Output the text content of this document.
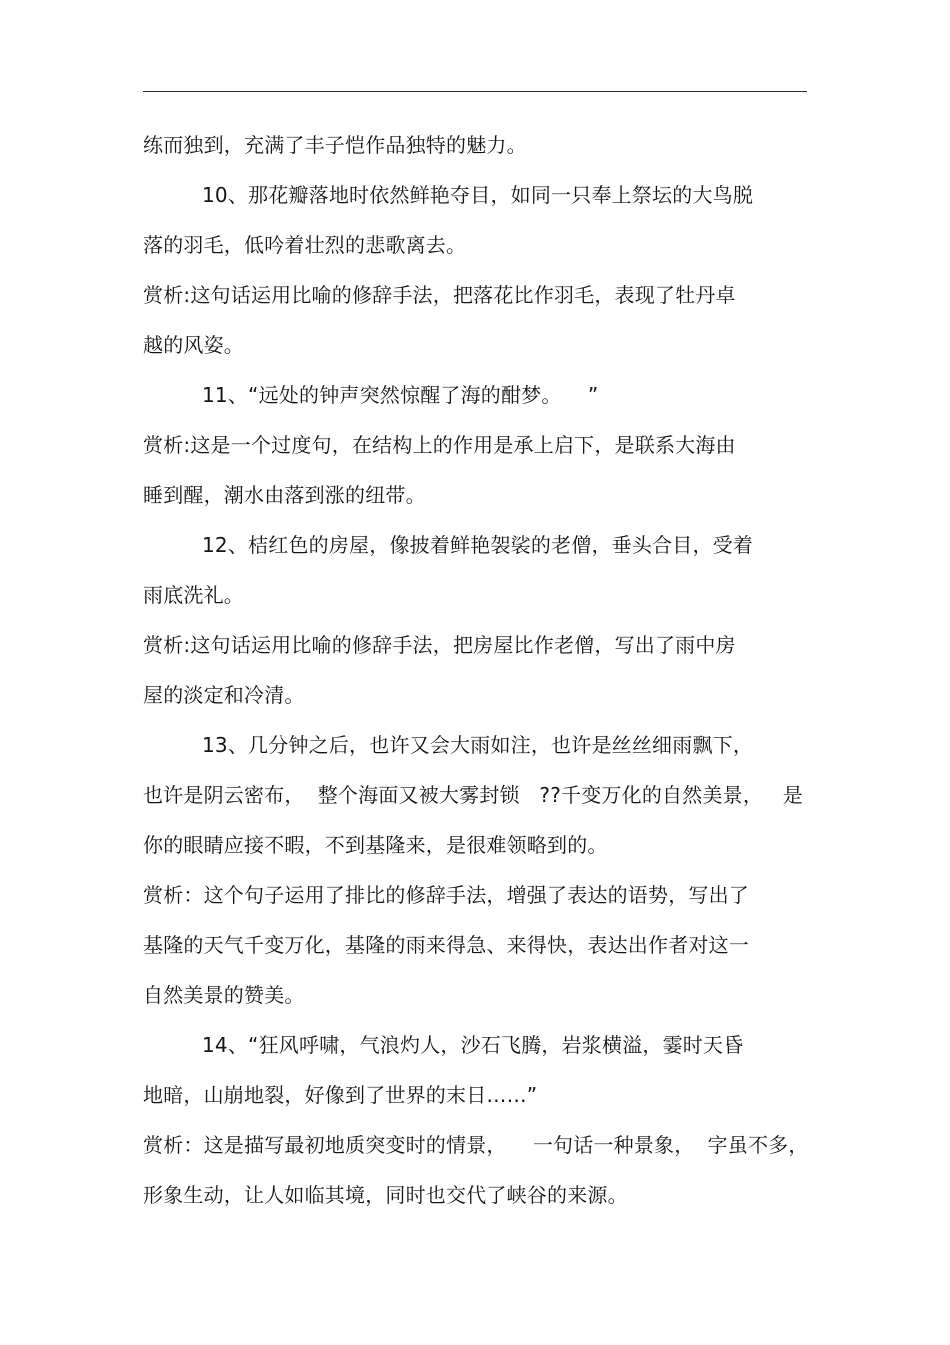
练而独到，充满了丰子恺作品独特的魅力。
10、那花瓣落地时依然鲜艳夺目，如同一只奉上祭坛的大鸟脱
落的羽毛，低吟着壮烈的悲歌离去。
赏析:这句话运用比喻的修辞手法，把落花比作羽毛，表现了牡丹卓
越的风姿。
11、“远处的钟声突然惊醒了海的酣梦。    ”
赏析:这是一个过度句，在结构上的作用是承上启下，是联系大海由
睡到醒，潮水由落到涨的纽带。
12、桔红色的房屋，像披着鲜艳袈裟的老僧，垂头合目，受着
雨底洗礼。
赏析:这句话运用比喻的修辞手法，把房屋比作老僧，写出了雨中房
屋的淡定和冷清。
13、几分钟之后，也许又会大雨如注，也许是丝丝细雨飘下，
也许是阴云密布，  整个海面又被大雾封锁   ??千变万化的自然美景，   是
你的眼睛应接不暇，不到基隆来，是很难领略到的。
赏析：这个句子运用了排比的修辞手法，增强了表达的语势，写出了
基隆的天气千变万化，基隆的雨来得急、来得快，表达出作者对这一
自然美景的赞美。
14、“狂风呼啸，气浪灼人，沙石飞腾，岩浆横溢，霎时天昏
地暗，山崩地裂，好像到了世界的末日……”
赏析：这是描写最初地质突变时的情景，    一句话一种景象，  字虽不多，
形象生动，让人如临其境，同时也交代了峡谷的来源。
